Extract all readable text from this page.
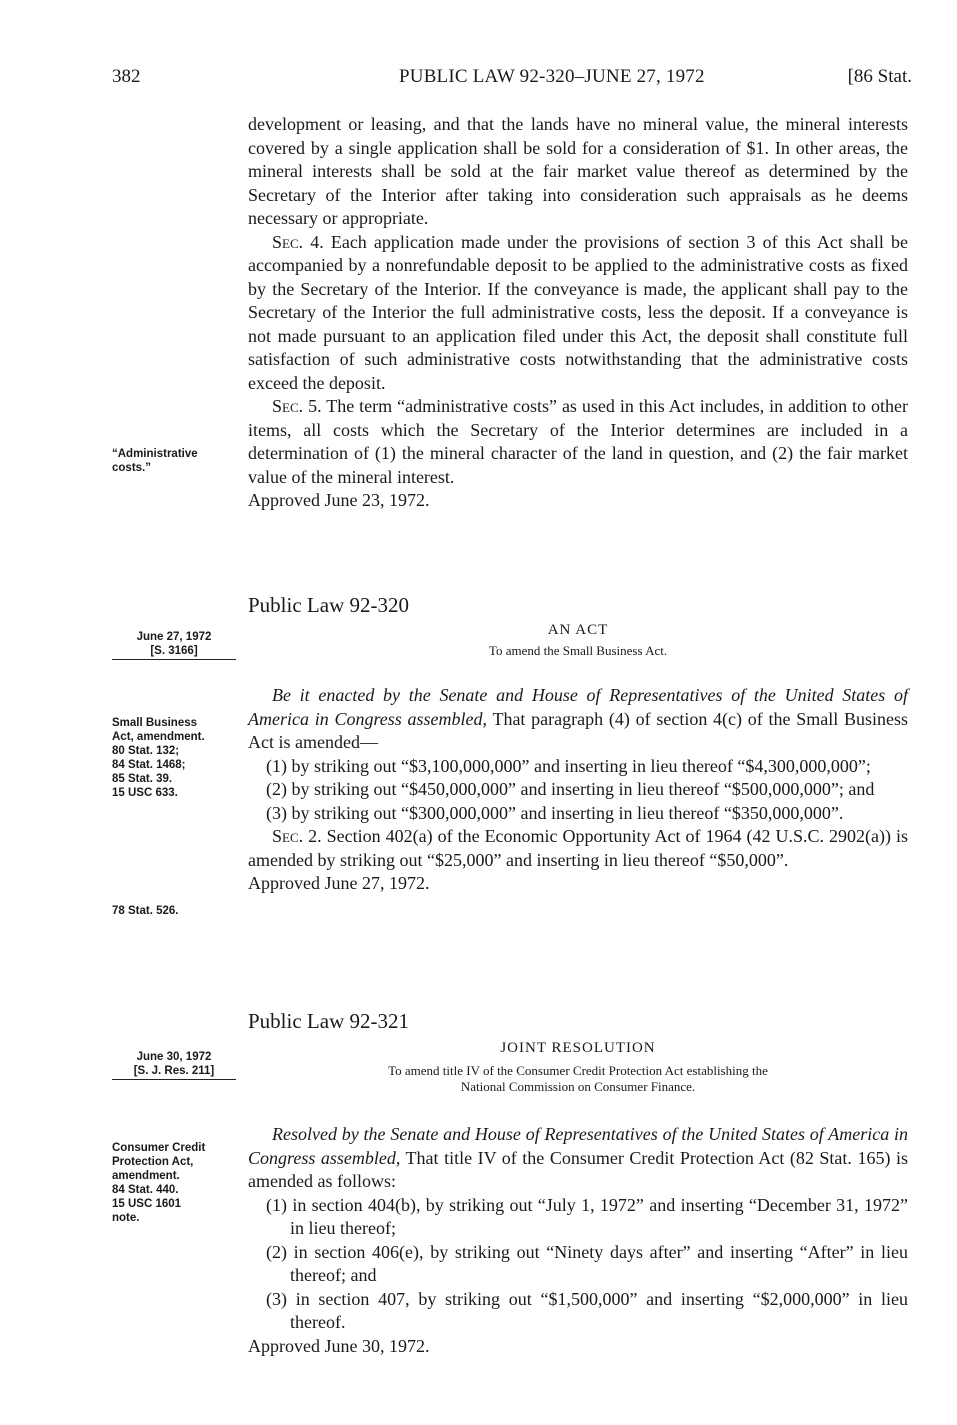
382	PUBLIC LAW 92-320–JUNE 27, 1972	[86 Stat.

development or leasing, and that the lands have no mineral value, the mineral interests covered by a single application shall be sold for a consideration of $1. In other areas, the mineral interests shall be sold at the fair market value thereof as determined by the Secretary of the Interior after taking into consideration such appraisals as he deems necessary or appropriate.

Sec. 4. Each application made under the provisions of section 3 of this Act shall be accompanied by a nonrefundable deposit to be applied to the administrative costs as fixed by the Secretary of the Interior. If the conveyance is made, the applicant shall pay to the Secretary of the Interior the full administrative costs, less the deposit. If a conveyance is not made pursuant to an application filed under this Act, the deposit shall constitute full satisfaction of such administrative costs notwithstanding that the administrative costs exceed the deposit.

Sec. 5. The term “administrative costs” as used in this Act includes, in addition to other items, all costs which the Secretary of the Interior determines are included in a determination of (1) the mineral character of the land in question, and (2) the fair market value of the mineral interest.

Approved June 23, 1972.

“Administrative
costs.”
Public Law 92-320
June 27, 1972
[S. 3166]
AN ACT
To amend the Small Business Act.

Be it enacted by the Senate and House of Representatives of the United States of America in Congress assembled, That paragraph (4) of section 4(c) of the Small Business Act is amended—

(1) by striking out “$3,100,000,000” and inserting in lieu thereof “$4,300,000,000”;

(2) by striking out “$450,000,000” and inserting in lieu thereof “$500,000,000”; and

(3) by striking out “$300,000,000” and inserting in lieu thereof “$350,000,000”.

Sec. 2. Section 402(a) of the Economic Opportunity Act of 1964 (42 U.S.C. 2902(a)) is amended by striking out “$25,000” and inserting in lieu thereof “$50,000”.

Approved June 27, 1972.

Small Business
Act, amendment.
80 Stat. 132;
84 Stat. 1468;
85 Stat. 39.
15 USC 633.
78 Stat. 526.
Public Law 92-321
June 30, 1972
[S. J. Res. 211]
JOINT RESOLUTION
To amend title IV of the Consumer Credit Protection Act establishing the
National Commission on Consumer Finance.

Resolved by the Senate and House of Representatives of the United States of America in Congress assembled, That title IV of the Consumer Credit Protection Act (82 Stat. 165) is amended as follows:

(1) in section 404(b), by striking out “July 1, 1972” and inserting “December 31, 1972” in lieu thereof;

(2) in section 406(e), by striking out “Ninety days after” and inserting “After” in lieu thereof; and

(3) in section 407, by striking out “$1,500,000” and inserting “$2,000,000” in lieu thereof.

Approved June 30, 1972.

Consumer Credit
Protection Act,
amendment.
84 Stat. 440.
15 USC 1601
note.
